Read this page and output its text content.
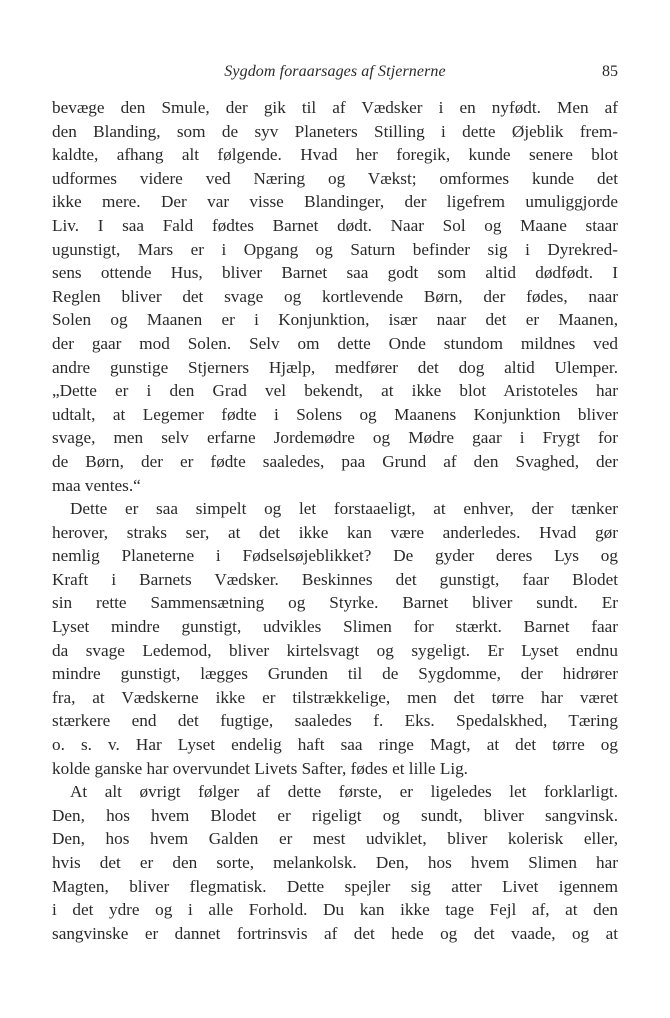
Sygdom foraarsages af Stjernerne	85
bevæge den Smule, der gik til af Vædsker i en nyfødt. Men af
den Blanding, som de syv Planeters Stilling i dette Øjeblik frem-
kaldte, afhang alt følgende. Hvad her foregik, kunde senere blot
udformes videre ved Næring og Vækst; omformes kunde det
ikke mere. Der var visse Blandinger, der ligefrem umuliggjorde
Liv. I saa Fald fødtes Barnet dødt. Naar Sol og Maane staar
ugunstigt, Mars er i Opgang og Saturn befinder sig i Dyrekred-
sens ottende Hus, bliver Barnet saa godt som altid dødfødt. I
Reglen bliver det svage og kortlevende Børn, der fødes, naar
Solen og Maanen er i Konjunktion, især naar det er Maanen,
der gaar mod Solen. Selv om dette Onde stundom mildnes ved
andre gunstige Stjerners Hjælp, medfører det dog altid Ulemper.
„Dette er i den Grad vel bekendt, at ikke blot Aristoteles har
udtalt, at Legemer fødte i Solens og Maanens Konjunktion bliver
svage, men selv erfarne Jordemødre og Mødre gaar i Frygt for
de Børn, der er fødte saaledes, paa Grund af den Svaghed, der
maa ventes.“
Dette er saa simpelt og let forstaaeligt, at enhver, der tænker
herover, straks ser, at det ikke kan være anderledes. Hvad gør
nemlig Planeterne i Fødselsøjeblikket? De gyder deres Lys og
Kraft i Barnets Vædsker. Beskinnes det gunstigt, faar Blodet
sin rette Sammensætning og Styrke. Barnet bliver sundt. Er
Lyset mindre gunstigt, udvikles Slimen for stærkt. Barnet faar
da svage Ledemod, bliver kirtelsvagt og sygeligt. Er Lyset endnu
mindre gunstigt, lægges Grunden til de Sygdomme, der hidrører
fra, at Vædskerne ikke er tilstrækkelige, men det tørre har været
stærkere end det fugtige, saaledes f. Eks. Spedalskhed, Tæring
o. s. v. Har Lyset endelig haft saa ringe Magt, at det tørre og
kolde ganske har overvundet Livets Safter, fødes et lille Lig.
At alt øvrigt følger af dette første, er ligeledes let forklarligt.
Den, hos hvem Blodet er rigeligt og sundt, bliver sangvinsk.
Den, hos hvem Galden er mest udviklet, bliver kolerisk eller,
hvis det er den sorte, melankolsk. Den, hos hvem Slimen har
Magten, bliver flegmatisk. Dette spejler sig atter Livet igennem
i det ydre og i alle Forhold. Du kan ikke tage Fejl af, at den
sangvinske er dannet fortrinsvis af det hede og det vaade, og at
